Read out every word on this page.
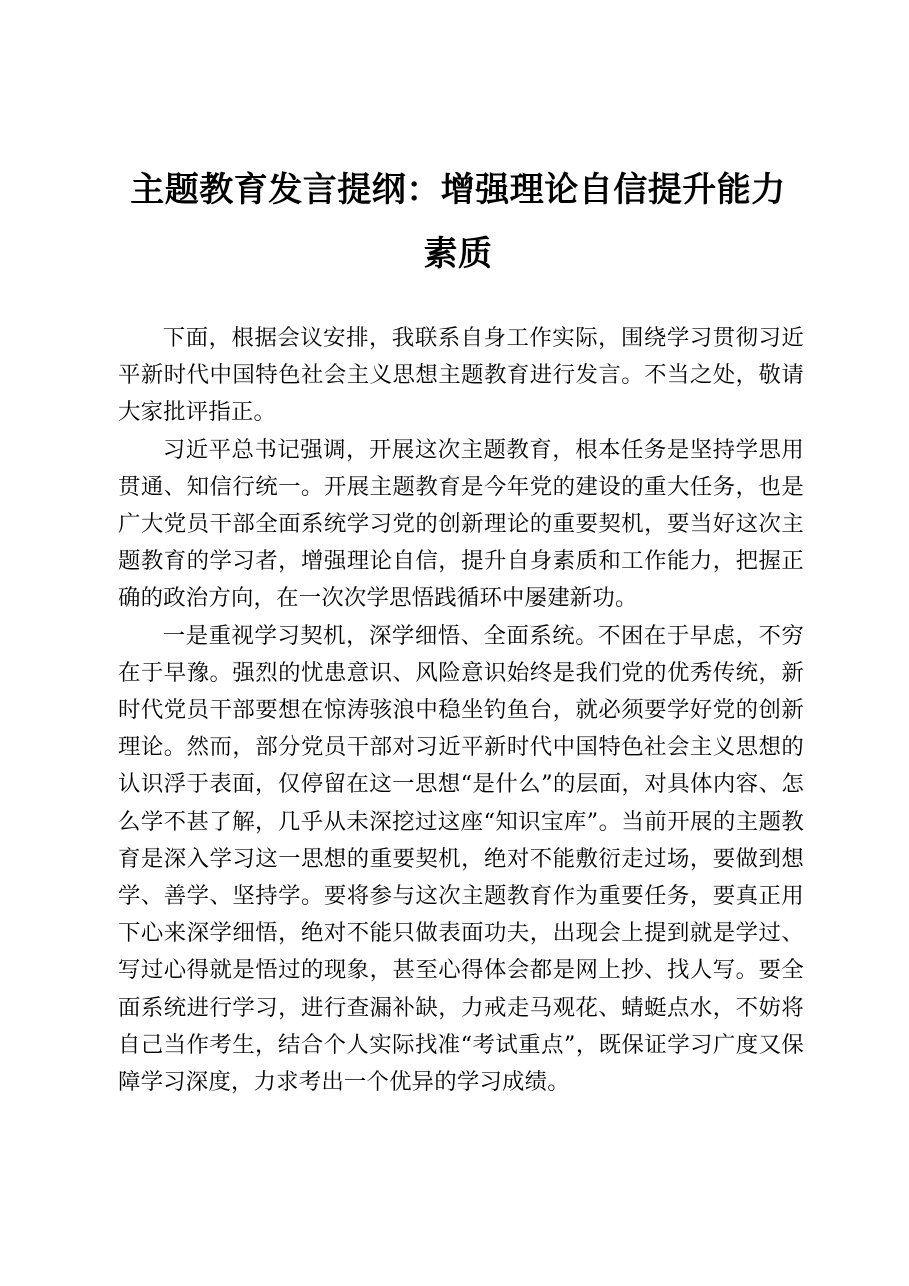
主题教育发言提纲：增强理论自信提升能力素质

下面，根据会议安排，我联系自身工作实际，围绕学习贯彻习近平新时代中国特色社会主义思想主题教育进行发言。不当之处，敬请大家批评指正。

习近平总书记强调，开展这次主题教育，根本任务是坚持学思用贯通、知信行统一。开展主题教育是今年党的建设的重大任务，也是广大党员干部全面系统学习党的创新理论的重要契机，要当好这次主题教育的学习者，增强理论自信，提升自身素质和工作能力，把握正确的政治方向，在一次次学思悟践循环中屡建新功。

一是重视学习契机，深学细悟、全面系统。不困在于早虑，不穷在于早豫。强烈的忧患意识、风险意识始终是我们党的优秀传统，新时代党员干部要想在惊涛骇浪中稳坐钓鱼台，就必须要学好党的创新理论。然而，部分党员干部对习近平新时代中国特色社会主义思想的认识浮于表面，仅停留在这一思想“是什么”的层面，对具体内容、怎么学不甚了解，几乎从未深挖过这座“知识宝库”。当前开展的主题教育是深入学习这一思想的重要契机，绝对不能敷衍走过场，要做到想学、善学、坚持学。要将参与这次主题教育作为重要任务，要真正用下心来深学细悟，绝对不能只做表面功夫，出现会上提到就是学过、写过心得就是悟过的现象，甚至心得体会都是网上抄、找人写。要全面系统进行学习，进行查漏补缺，力戒走马观花、蜻蜓点水，不妨将自己当作考生，结合个人实际找准“考试重点”，既保证学习广度又保障学习深度，力求考出一个优异的学习成绩。
